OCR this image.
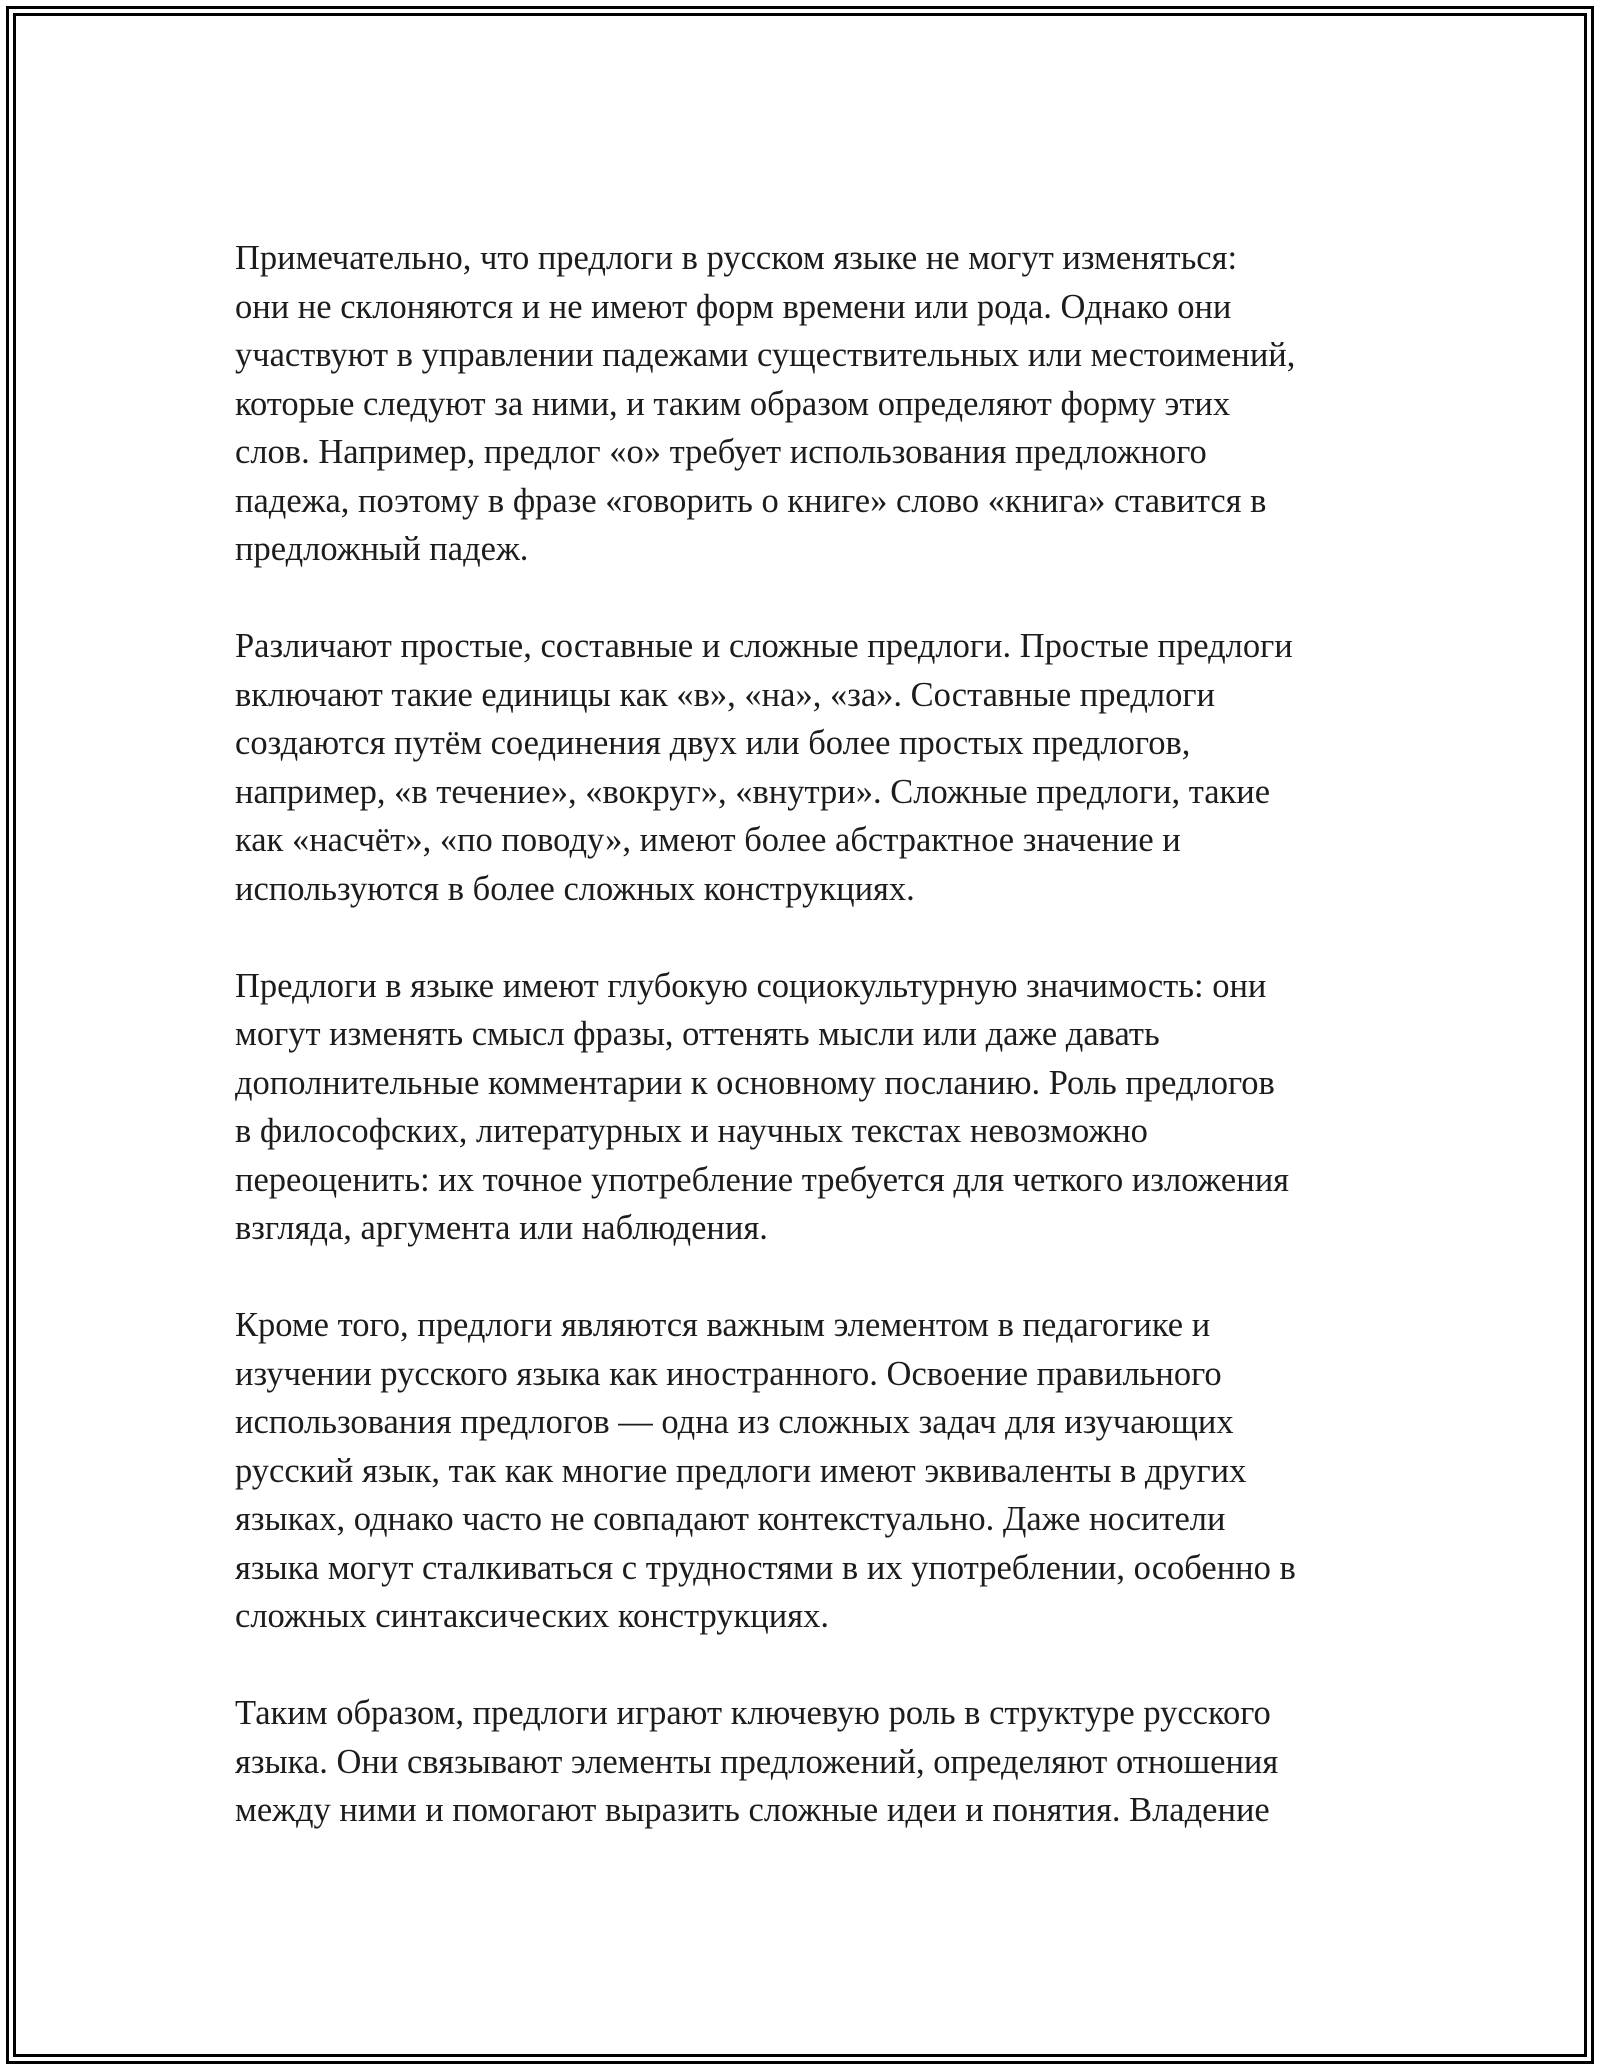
Примечательно, что предлоги в русском языке не могут изменяться:
они не склоняются и не имеют форм времени или рода. Однако они
участвуют в управлении падежами существительных или местоимений,
которые следуют за ними, и таким образом определяют форму этих
слов. Например, предлог «о» требует использования предложного
падежа, поэтому в фразе «говорить о книге» слово «книга» ставится в
предложный падеж.

Различают простые, составные и сложные предлоги. Простые предлоги
включают такие единицы как «в», «на», «за». Составные предлоги
создаются путём соединения двух или более простых предлогов,
например, «в течение», «вокруг», «внутри». Сложные предлоги, такие
как «насчёт», «по поводу», имеют более абстрактное значение и
используются в более сложных конструкциях.

Предлоги в языке имеют глубокую социокультурную значимость: они
могут изменять смысл фразы, оттенять мысли или даже давать
дополнительные комментарии к основному посланию. Роль предлогов
в философских, литературных и научных текстах невозможно
переоценить: их точное употребление требуется для четкого изложения
взгляда, аргумента или наблюдения.

Кроме того, предлоги являются важным элементом в педагогике и
изучении русского языка как иностранного. Освоение правильного
использования предлогов — одна из сложных задач для изучающих
русский язык, так как многие предлоги имеют эквиваленты в других
языках, однако часто не совпадают контекстуально. Даже носители
языка могут сталкиваться с трудностями в их употреблении, особенно в
сложных синтаксических конструкциях.

Таким образом, предлоги играют ключевую роль в структуре русского
языка. Они связывают элементы предложений, определяют отношения
между ними и помогают выразить сложные идеи и понятия. Владение
